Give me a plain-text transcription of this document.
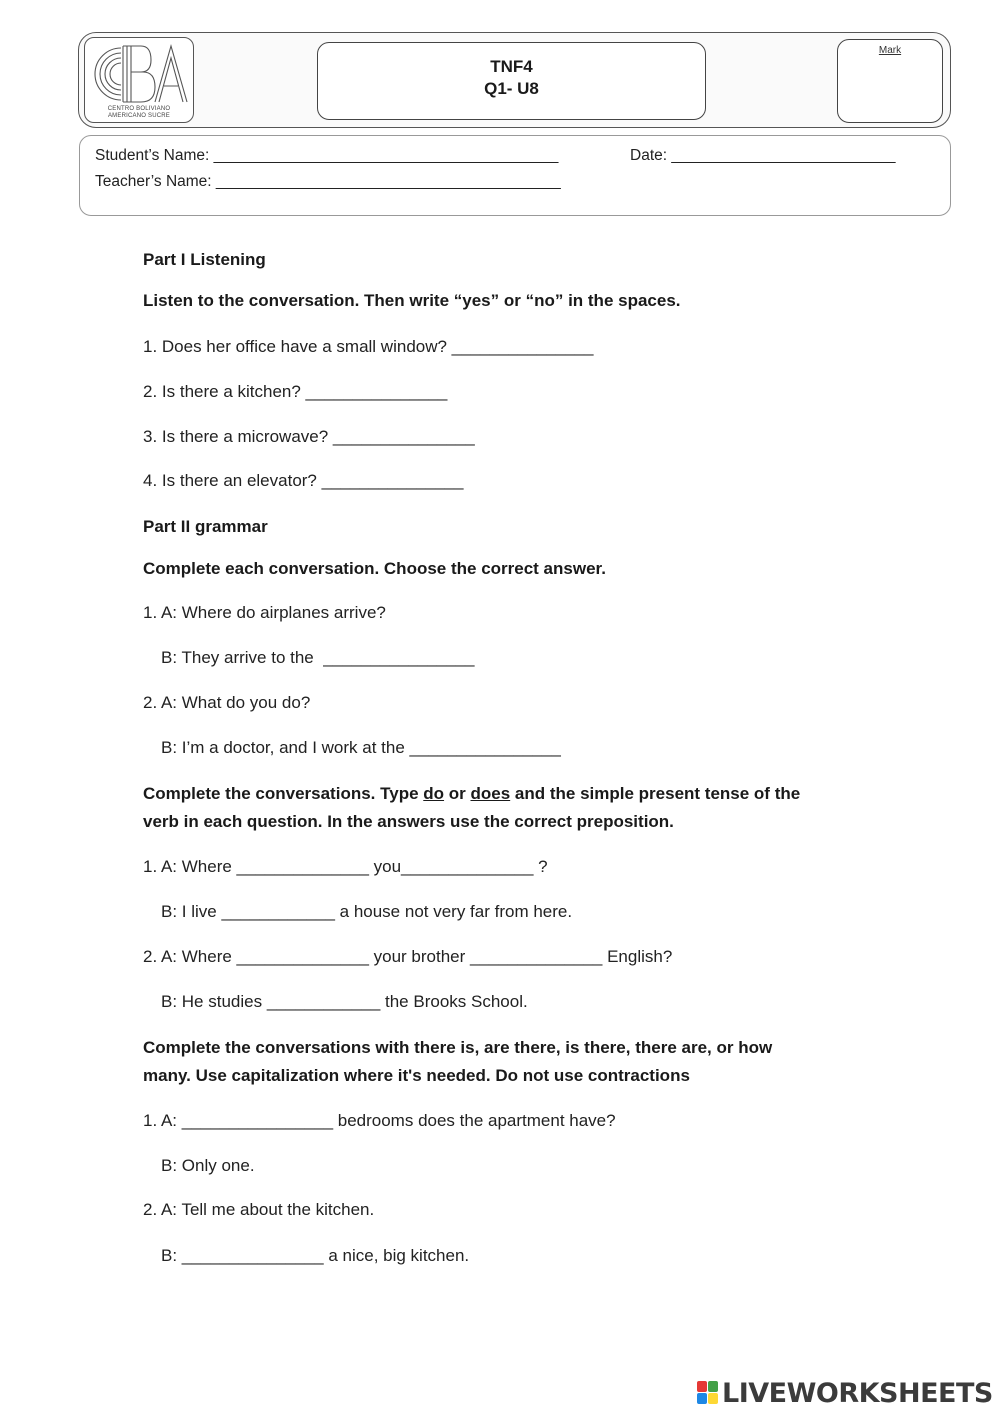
CENTRO BOLIVIANO AMERICANO SUCRE
TNF4
Q1- U8
Mark
Student’s Name: ________________________________________	Date: __________________________
Teacher’s Name: ________________________________________
Part I Listening
Listen to the conversation. Then write “yes” or “no” in the spaces.
1. Does her office have a small window? _______________
2. Is there a kitchen? _______________
3. Is there a microwave? _______________
4. Is there an elevator? _______________
Part II grammar
Complete each conversation. Choose the correct answer.
1. A: Where do airplanes arrive?
B: They arrive to the  ________________
2. A: What do you do?
B: I’m a doctor, and I work at the ________________
Complete the conversations. Type do or does and the simple present tense of the
verb in each question. In the answers use the correct preposition.
1. A: Where ______________ you______________ ?
B: I live ____________ a house not very far from here.
2. A: Where ______________ your brother ______________ English?
B: He studies ____________ the Brooks School.
Complete the conversations with there is, are there, is there, there are, or how
many. Use capitalization where it's needed. Do not use contractions
1. A: ________________ bedrooms does the apartment have?
B: Only one.
2. A: Tell me about the kitchen.
B: _______________ a nice, big kitchen.
LIVEWORKSHEETS
